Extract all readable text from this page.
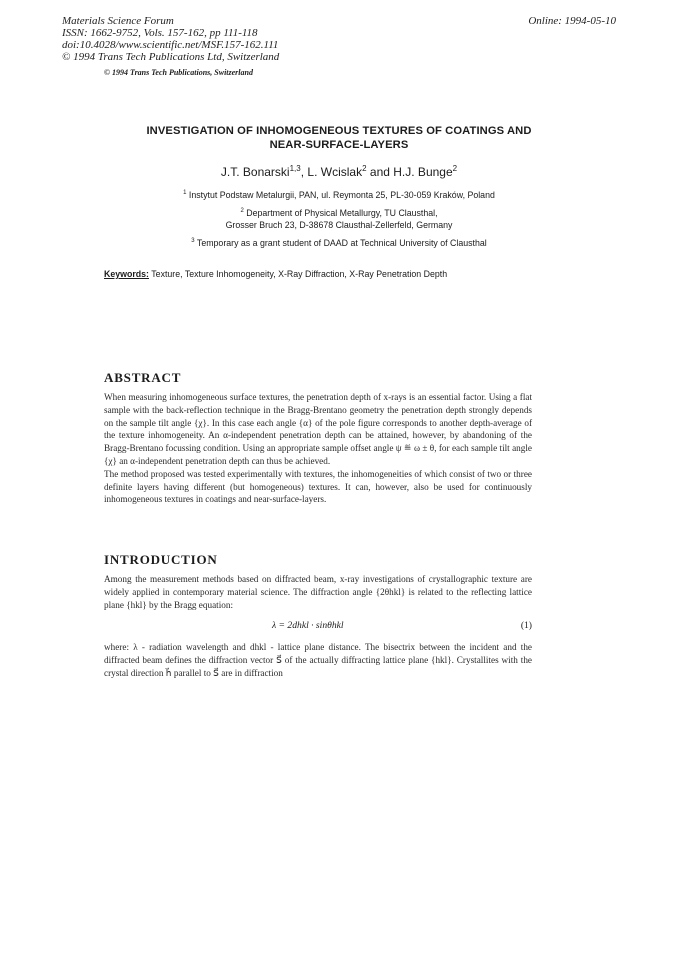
Materials Science Forum
ISSN: 1662-9752, Vols. 157-162, pp 111-118
doi:10.4028/www.scientific.net/MSF.157-162.111
© 1994 Trans Tech Publications Ltd, Switzerland
Online: 1994-05-10
© 1994 Trans Tech Publications, Switzerland
INVESTIGATION OF INHOMOGENEOUS TEXTURES OF COATINGS AND
NEAR-SURFACE-LAYERS
J.T. Bonarski$^{1,3}$, L. Wcislak$^2$ and H.J. Bunge$^2$
$^1$ Instytut Podstaw Metalurgii, PAN, ul. Reymonta 25, PL-30-059 Kraków, Poland
$^2$ Department of Physical Metallurgy, TU Clausthal,
Grosser Bruch 23, D-38678 Clausthal-Zellerfeld, Germany
$^3$ Temporary as a grant student of DAAD at Technical University of Clausthal
Keywords: Texture, Texture Inhomogeneity, X-Ray Diffraction, X-Ray Penetration Depth
ABSTRACT
When measuring inhomogeneous surface textures, the penetration depth of x-rays is an essential factor. Using a flat sample with the back-reflection technique in the Bragg-Brentano geometry the penetration depth strongly depends on the sample tilt angle {χ}. In this case each angle {α} of the pole figure corresponds to another depth-average of the texture inhomogeneity. An α-independent penetration depth can be attained, however, by abandoning of the Bragg-Brentano focussing condition. Using an appropriate sample offset angle ψ ≝ ω ± θ, for each sample tilt angle {χ} an α-independent penetration depth can thus be achieved.
The method proposed was tested experimentally with textures, the inhomogeneities of which consist of two or three definite layers having different (but homogeneous) textures. It can, however, also be used for continuously inhomogeneous textures in coatings and near-surface-layers.
INTRODUCTION
Among the measurement methods based on diffracted beam, x-ray investigations of crystallographic texture are widely applied in contemporary material science. The diffraction angle {2θhkl} is related to the reflecting lattice plane {hkl} by the Bragg equation:
λ = 2dhkl · sinθhkl	(1)
where: λ - radiation wavelength and dhkl - lattice plane distance. The bisectrix between the incident and the diffracted beam defines the diffraction vector S⃗ of the actually diffracting lattice plane {hkl}. Crystallites with the crystal direction h⃗ parallel to S⃗ are in diffraction
